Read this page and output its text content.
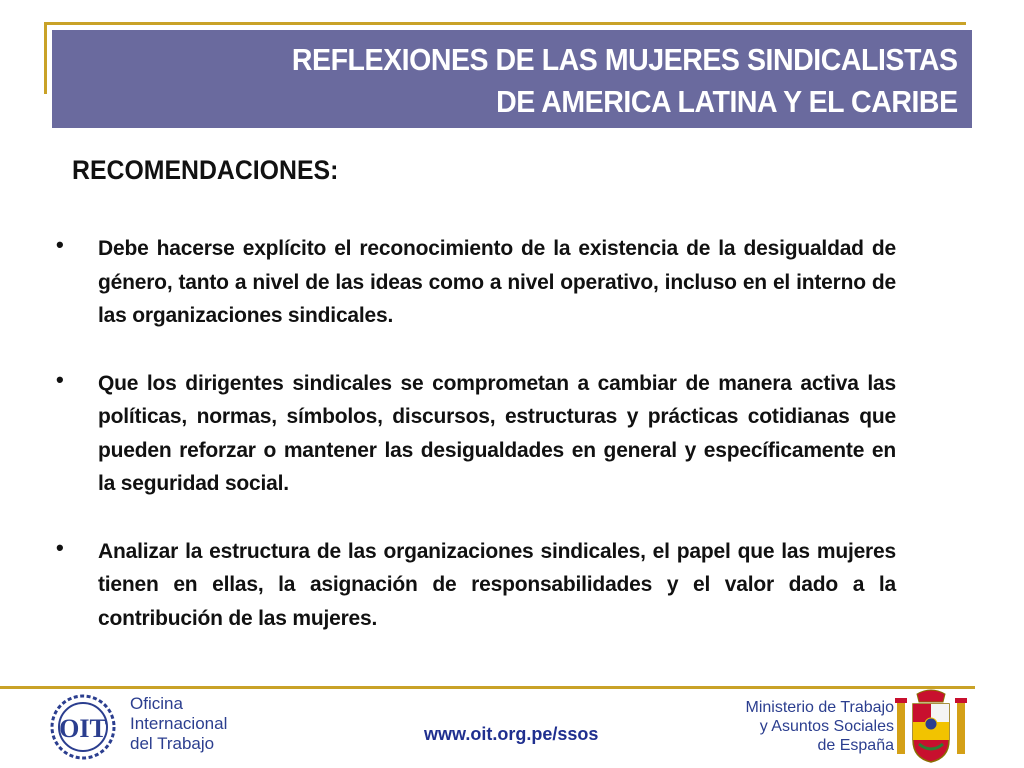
REFLEXIONES DE LAS MUJERES SINDICALISTAS
DE AMERICA LATINA Y EL CARIBE
RECOMENDACIONES:
• Debe hacerse explícito el reconocimiento de la existencia de la desigualdad de género, tanto a nivel de las ideas como a nivel operativo, incluso en el interno de las organizaciones sindicales.
• Que los dirigentes sindicales se comprometan a cambiar de manera activa las políticas, normas, símbolos, discursos, estructuras y prácticas cotidianas que pueden reforzar o mantener las desigualdades en general y específicamente en la seguridad social.
• Analizar la estructura de las organizaciones sindicales, el papel que las mujeres tienen en ellas, la asignación de responsabilidades y el valor dado a la contribución de las mujeres.
OIT
Oficina
Internacional
del Trabajo	www.oit.org.pe/ssos
Ministerio de Trabajo
y Asuntos Sociales
de España
